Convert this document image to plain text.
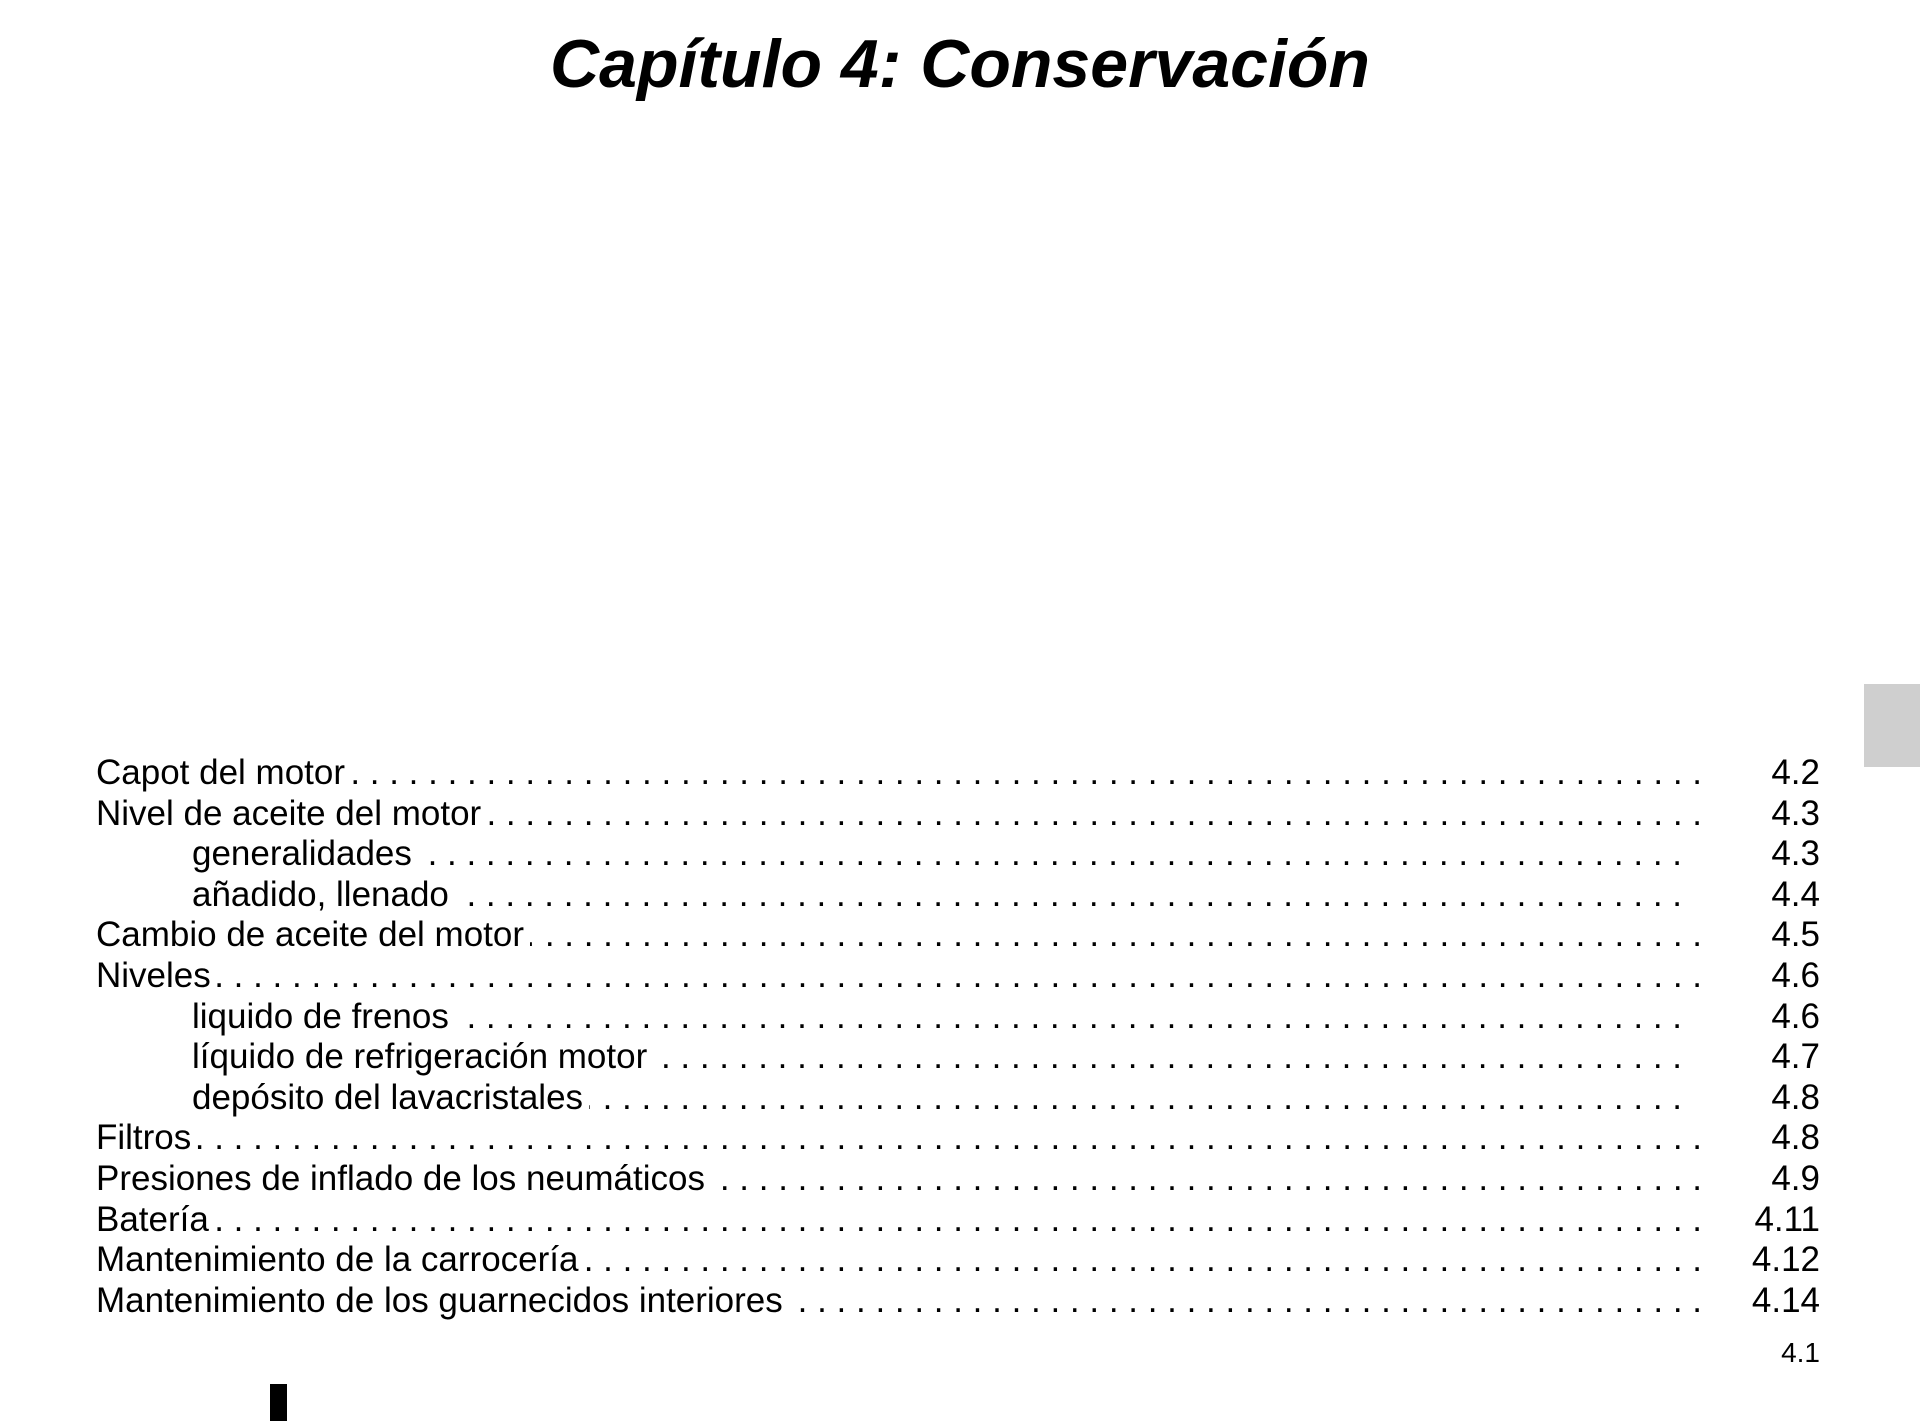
Capítulo 4: Conservación
. . .
Capot del motor	4.2
. . .
Nivel de aceite del motor	4.3
. . .
generalidades	4.3
. . .
añadido, llenado	4.4
. . .
Cambio de aceite del motor	4.5
. . .
Niveles	4.6
. . .
liquido de frenos	4.6
. . .
líquido de refrigeración motor	4.7
. . .
depósito del lavacristales	4.8
. . .
Filtros	4.8
. . .
Presiones de inflado de los neumáticos	4.9
. . .
Batería	4.11
. . .
Mantenimiento de la carrocería	4.12
. . .
Mantenimiento de los guarnecidos interiores	4.14
4.1
